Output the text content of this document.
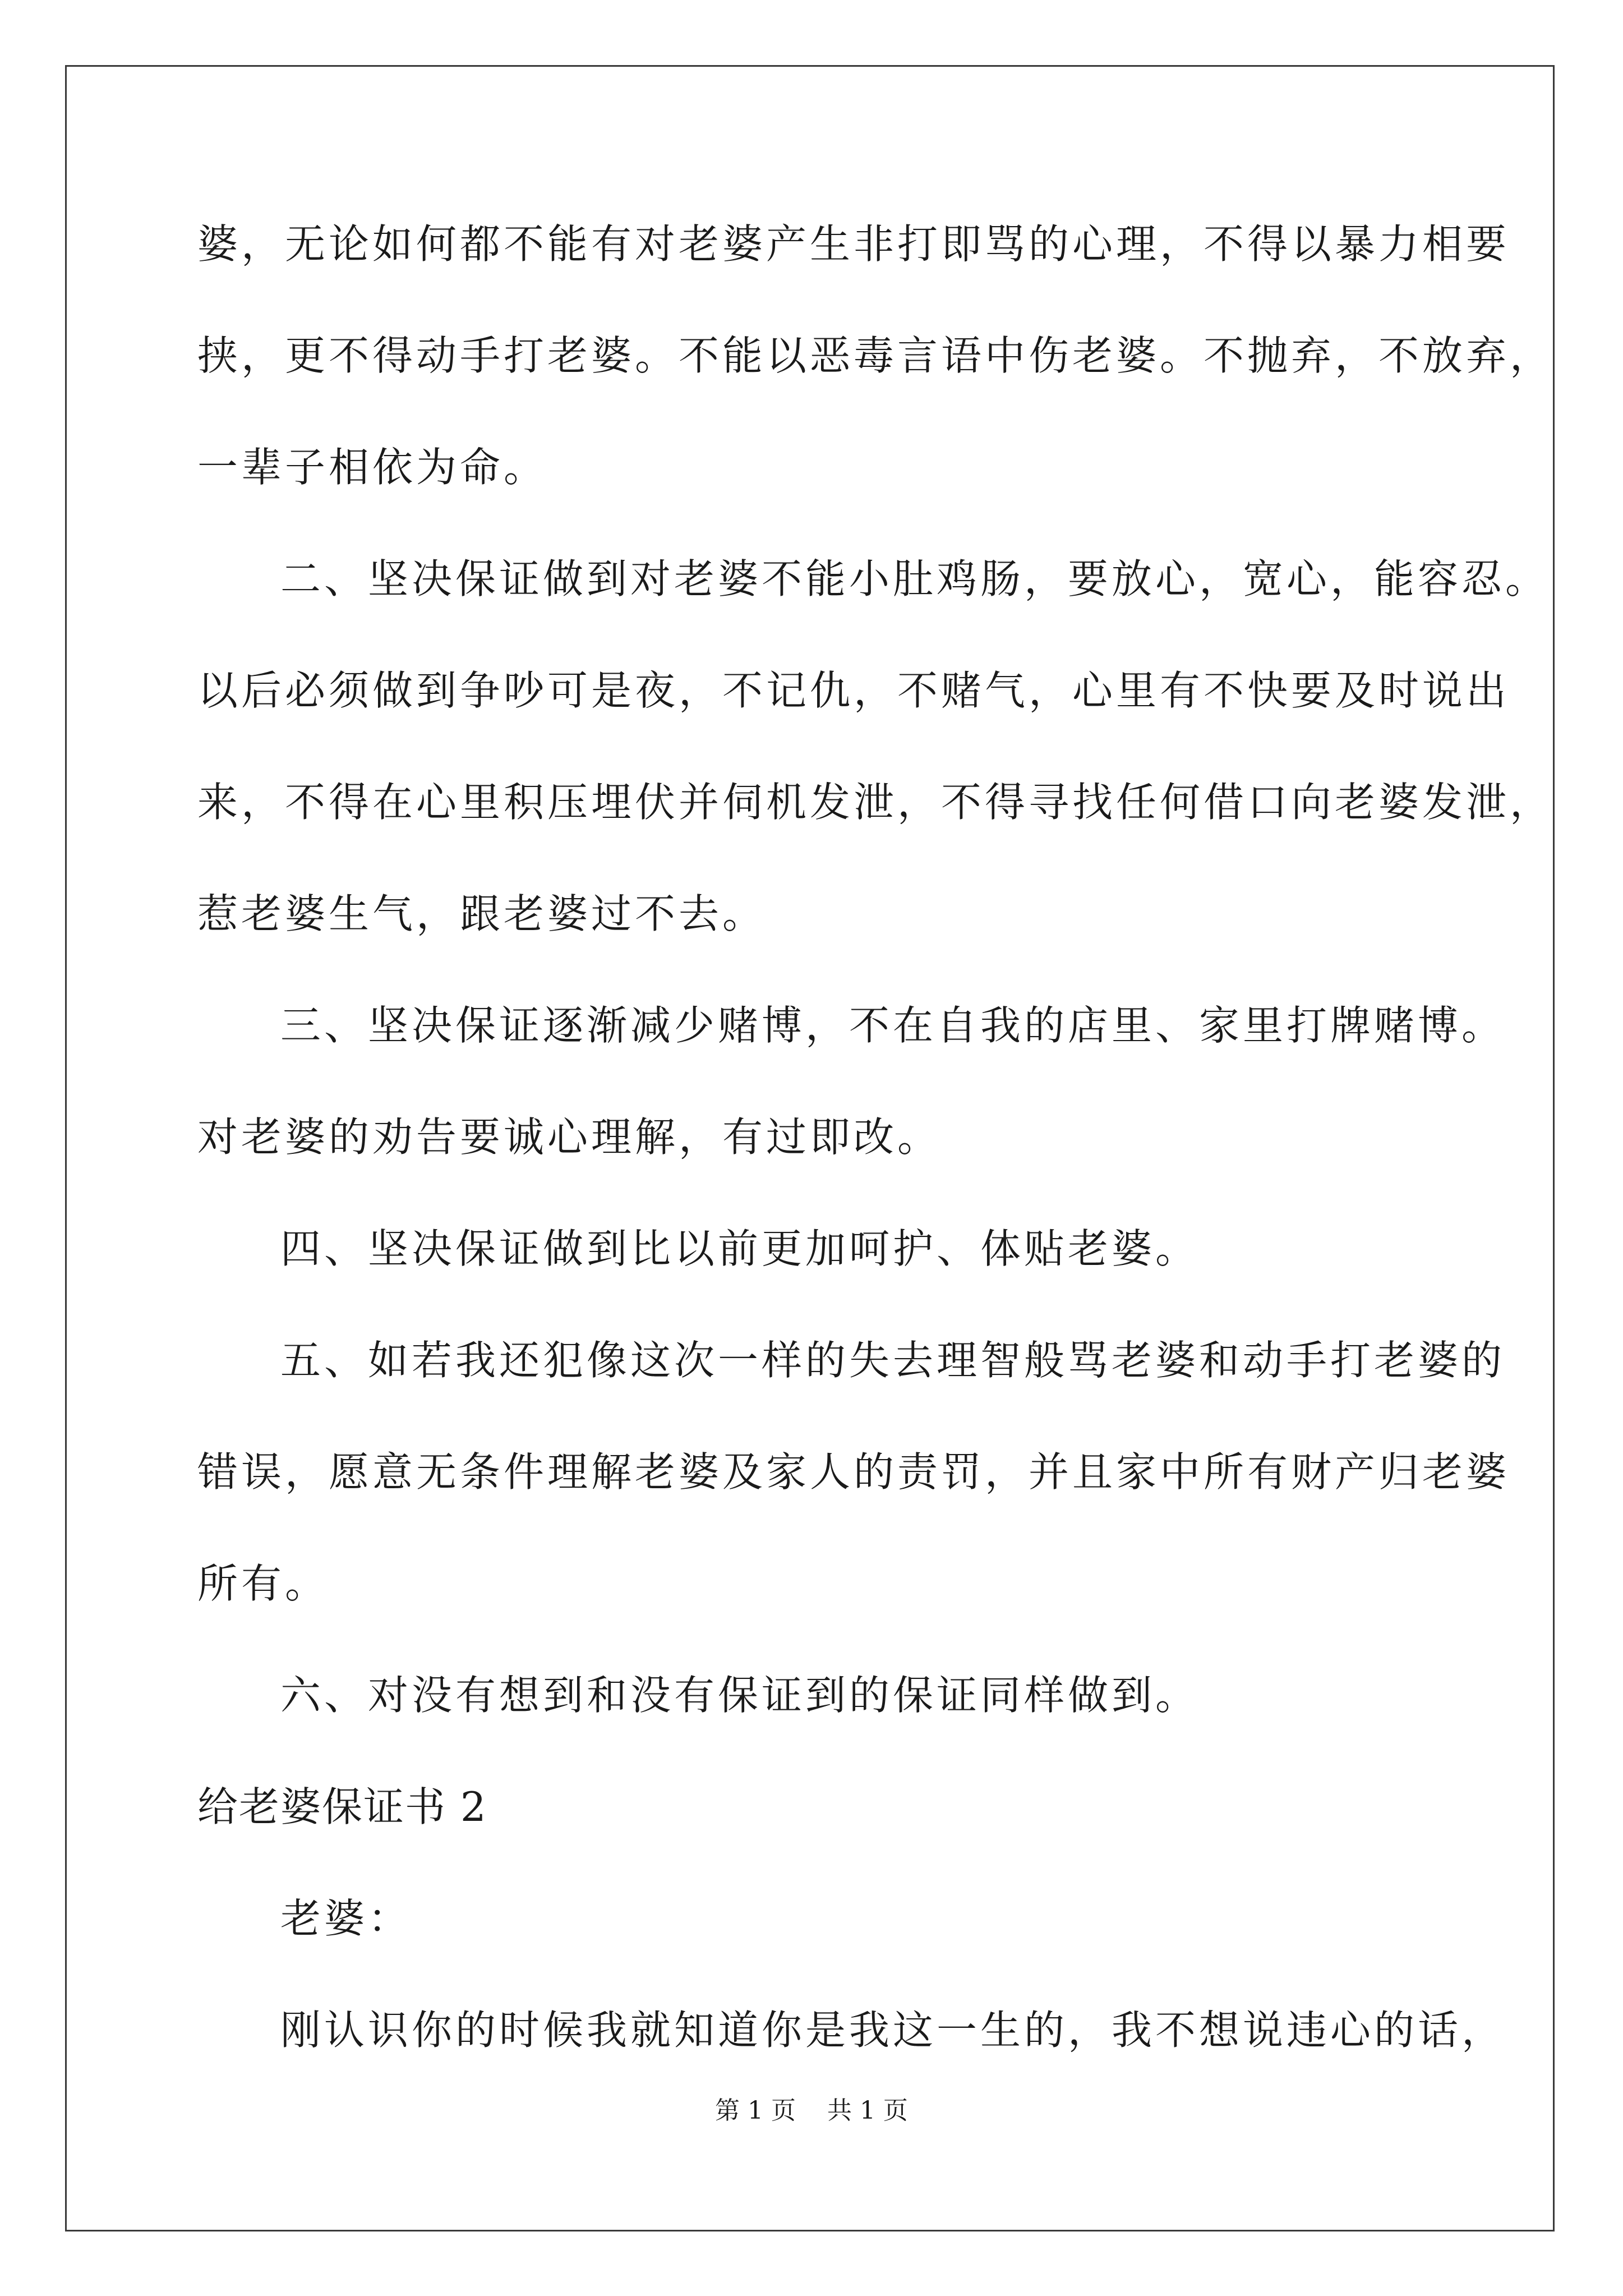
婆，无论如何都不能有对老婆产生非打即骂的心理，不得以暴力相要
挟，更不得动手打老婆。不能以恶毒言语中伤老婆。不抛弃，不放弃，
一辈子相依为命。
二、坚决保证做到对老婆不能小肚鸡肠，要放心，宽心，能容忍。
以后必须做到争吵可是夜，不记仇，不赌气，心里有不快要及时说出
来，不得在心里积压埋伏并伺机发泄，不得寻找任何借口向老婆发泄，
惹老婆生气，跟老婆过不去。
三、坚决保证逐渐减少赌博，不在自我的店里、家里打牌赌博。
对老婆的劝告要诚心理解，有过即改。
四、坚决保证做到比以前更加呵护、体贴老婆。
五、如若我还犯像这次一样的失去理智般骂老婆和动手打老婆的
错误，愿意无条件理解老婆及家人的责罚，并且家中所有财产归老婆
所有。
六、对没有想到和没有保证到的保证同样做到。
给老婆保证书 2
老婆：
刚认识你的时候我就知道你是我这一生的，我不想说违心的话，
第 1 页    共 1 页
